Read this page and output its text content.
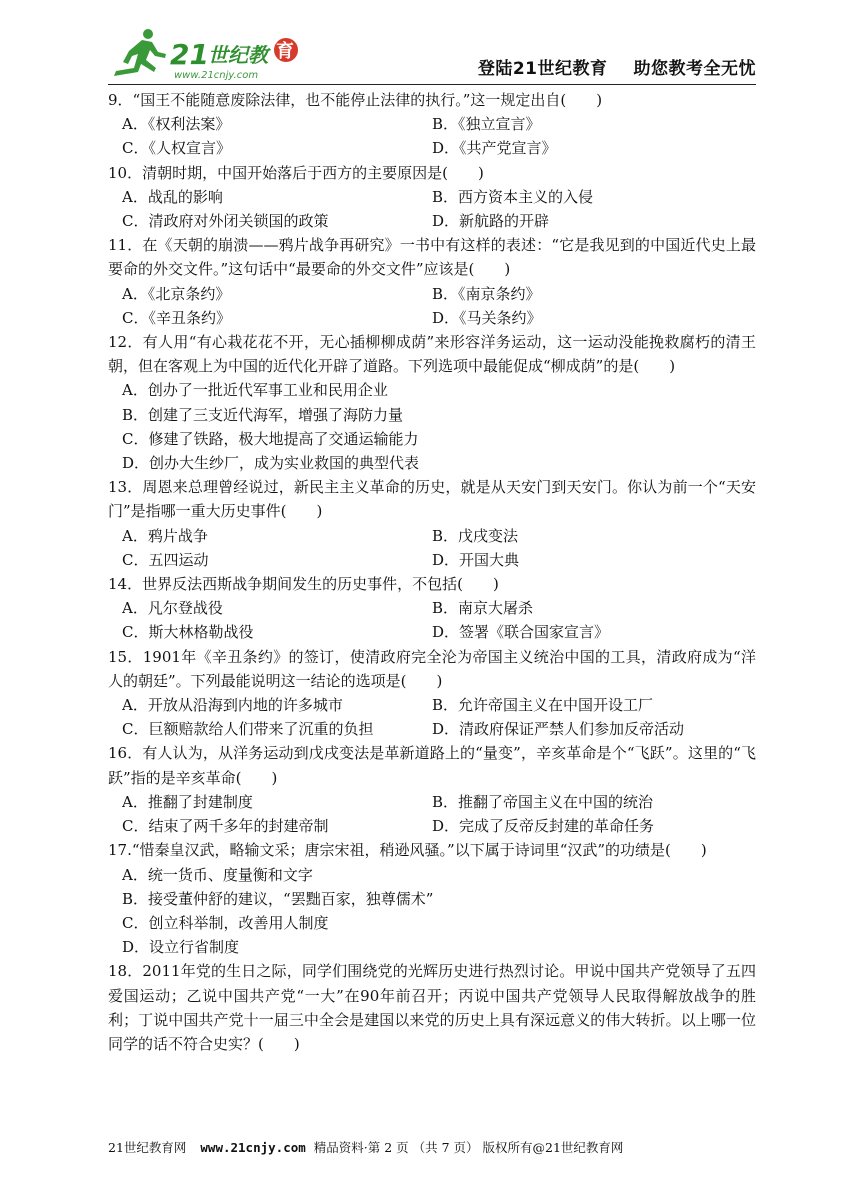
21 世纪教 育
www.21cnjy.com	登陆21世纪教育 助您教考全无忧
9．“国王不能随意废除法律，也不能停止法律的执行。”这一规定出自(　　)
A．《权利法案》	B．《独立宣言》
C．《人权宣言》	D．《共产党宣言》
10．清朝时期，中国开始落后于西方的主要原因是(　　)
A．战乱的影响	B．西方资本主义的入侵
C．清政府对外闭关锁国的政策	D．新航路的开辟
11．在《天朝的崩溃——鸦片战争再研究》一书中有这样的表述：“它是我见到的中国近代史上最要命的外交文件。”这句话中“最要命的外交文件”应该是(　　)
A．《北京条约》	B．《南京条约》
C．《辛丑条约》	D．《马关条约》
12．有人用“有心栽花花不开，无心插柳柳成荫”来形容洋务运动，这一运动没能挽救腐朽的清王朝，但在客观上为中国的近代化开辟了道路。下列选项中最能促成“柳成荫”的是(　　)
A．创办了一批近代军事工业和民用企业
B．创建了三支近代海军，增强了海防力量
C．修建了铁路，极大地提高了交通运输能力
D．创办大生纱厂，成为实业救国的典型代表
13．周恩来总理曾经说过，新民主主义革命的历史，就是从天安门到天安门。你认为前一个“天安门”是指哪一重大历史事件(　　)
A．鸦片战争	B．戊戌变法
C．五四运动	D．开国大典
14．世界反法西斯战争期间发生的历史事件，不包括(　　)
A．凡尔登战役	B．南京大屠杀
C．斯大林格勒战役	D．签署《联合国家宣言》
15．1901年《辛丑条约》的签订，使清政府完全沦为帝国主义统治中国的工具，清政府成为“洋人的朝廷”。下列最能说明这一结论的选项是(　　)
A．开放从沿海到内地的许多城市	B．允许帝国主义在中国开设工厂
C．巨额赔款给人们带来了沉重的负担	D．清政府保证严禁人们参加反帝活动
16．有人认为，从洋务运动到戊戌变法是革新道路上的“量变”，辛亥革命是个“飞跃”。这里的“飞跃”指的是辛亥革命(　　)
A．推翻了封建制度	B．推翻了帝国主义在中国的统治
C．结束了两千多年的封建帝制	D．完成了反帝反封建的革命任务
17.“惜秦皇汉武，略输文采；唐宗宋祖，稍逊风骚。”以下属于诗词里“汉武”的功绩是(　　)
A．统一货币、度量衡和文字
B．接受董仲舒的建议，“罢黜百家，独尊儒术”
C．创立科举制，改善用人制度
D．设立行省制度
18．2011年党的生日之际，同学们围绕党的光辉历史进行热烈讨论。甲说中国共产党领导了五四爱国运动；乙说中国共产党“一大”在90年前召开；丙说中国共产党领导人民取得解放战争的胜利；丁说中国共产党十一届三中全会是建国以来党的历史上具有深远意义的伟大转折。以上哪一位同学的话不符合史实？(　　)
21世纪教育网 www.21cnjy.com 精品资料·第 2 页 （共 7 页） 版权所有@21世纪教育网
